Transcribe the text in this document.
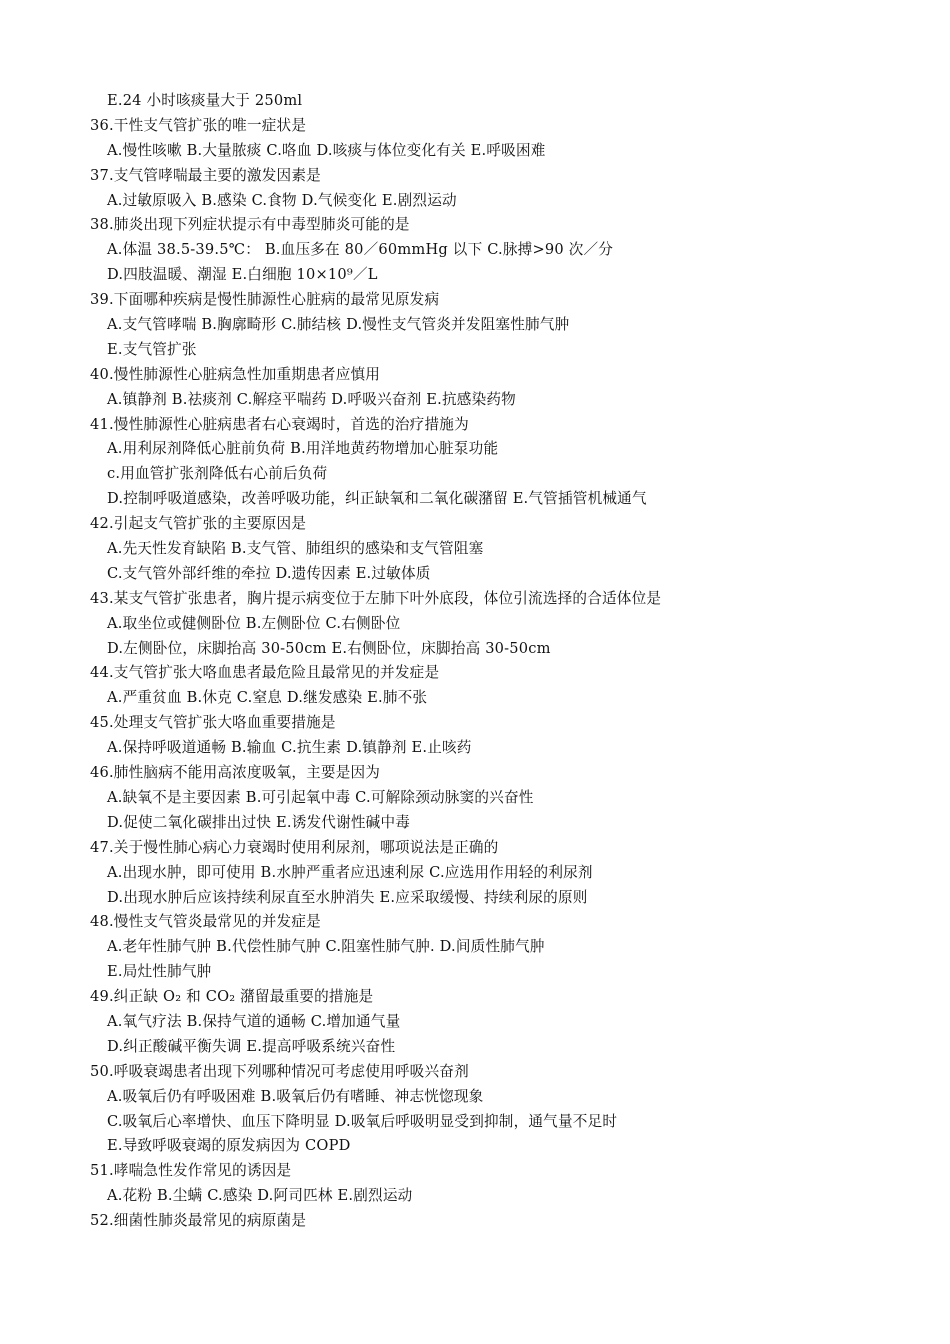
E.24 小时咳痰量大于 250ml
36.干性支气管扩张的唯一症状是
A.慢性咳嗽 B.大量脓痰 C.咯血 D.咳痰与体位变化有关 E.呼吸困难
37.支气管哮喘最主要的激发因素是
A.过敏原吸入 B.感染 C.食物 D.气候变化 E.剧烈运动
38.肺炎出现下列症状提示有中毒型肺炎可能的是
A.体温 38.5-39.5℃： B.血压多在 80／60mmHg 以下 C.脉搏>90 次／分
D.四肢温暖、潮湿 E.白细胞 10×10⁹／L
39.下面哪种疾病是慢性肺源性心脏病的最常见原发病
A.支气管哮喘 B.胸廓畸形 C.肺结核 D.慢性支气管炎并发阻塞性肺气肿
E.支气管扩张
40.慢性肺源性心脏病急性加重期患者应慎用
A.镇静剂 B.祛痰剂 C.解痉平喘药 D.呼吸兴奋剂 E.抗感染药物
41.慢性肺源性心脏病患者右心衰竭时，首选的治疗措施为
A.用利尿剂降低心脏前负荷 B.用洋地黄药物增加心脏泵功能
c.用血管扩张剂降低右心前后负荷
D.控制呼吸道感染，改善呼吸功能，纠正缺氧和二氧化碳潴留 E.气管插管机械通气
42.引起支气管扩张的主要原因是
A.先天性发育缺陷 B.支气管、肺组织的感染和支气管阻塞
C.支气管外部纤维的牵拉 D.遗传因素 E.过敏体质
43.某支气管扩张患者，胸片提示病变位于左肺下叶外底段，体位引流选择的合适体位是
A.取坐位或健侧卧位 B.左侧卧位 C.右侧卧位
D.左侧卧位，床脚抬高 30-50cm E.右侧卧位，床脚抬高 30-50cm
44.支气管扩张大咯血患者最危险且最常见的并发症是
A.严重贫血 B.休克 C.窒息 D.继发感染 E.肺不张
45.处理支气管扩张大咯血重要措施是
A.保持呼吸道通畅 B.输血 C.抗生素 D.镇静剂 E.止咳药
46.肺性脑病不能用高浓度吸氧，主要是因为
A.缺氧不是主要因素 B.可引起氧中毒 C.可解除颈动脉窦的兴奋性
D.促使二氧化碳排出过快 E.诱发代谢性碱中毒
47.关于慢性肺心病心力衰竭时使用利尿剂，哪项说法是正确的
A.出现水肿，即可使用 B.水肿严重者应迅速利尿 C.应选用作用轻的利尿剂
D.出现水肿后应该持续利尿直至水肿消失 E.应采取缓慢、持续利尿的原则
48.慢性支气管炎最常见的并发症是
A.老年性肺气肿 B.代偿性肺气肿 C.阻塞性肺气肿. D.间质性肺气肿
E.局灶性肺气肿
49.纠正缺 O₂ 和 CO₂ 潴留最重要的措施是
A.氧气疗法 B.保持气道的通畅 C.增加通气量
D.纠正酸碱平衡失调 E.提高呼吸系统兴奋性
50.呼吸衰竭患者出现下列哪种情况可考虑使用呼吸兴奋剂
A.吸氧后仍有呼吸困难 B.吸氧后仍有嗜睡、神志恍惚现象
C.吸氧后心率增快、血压下降明显 D.吸氧后呼吸明显受到抑制，通气量不足时
E.导致呼吸衰竭的原发病因为 COPD
51.哮喘急性发作常见的诱因是
A.花粉 B.尘螨 C.感染 D.阿司匹林 E.剧烈运动
52.细菌性肺炎最常见的病原菌是
